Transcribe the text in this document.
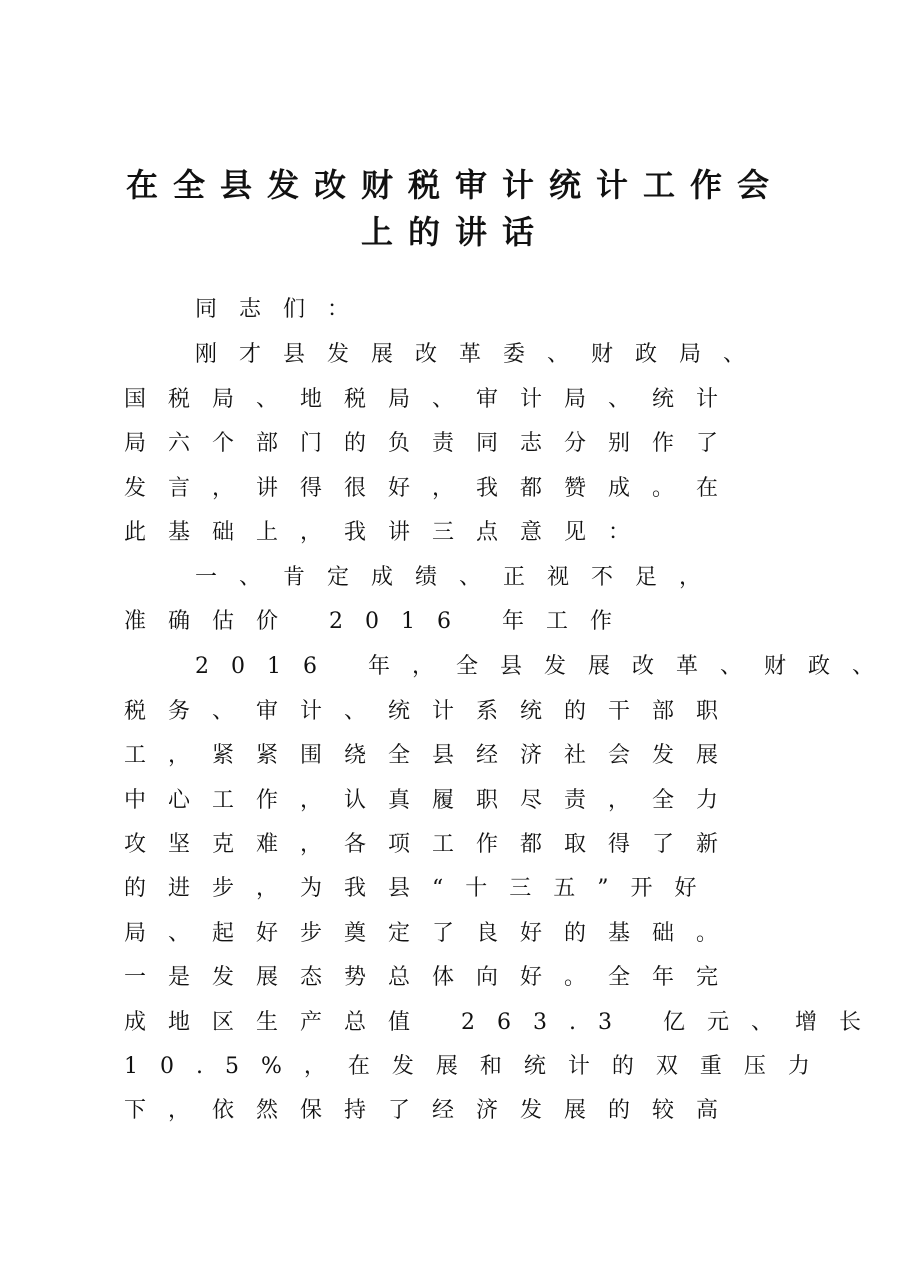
在全县发改财税审计统计工作会
上的讲话
同志们：
刚才县发展改革委、财政局、
国税局、地税局、审计局、统计
局六个部门的负责同志分别作了
发言，讲得很好，我都赞成。在
此基础上，我讲三点意见：
一、肯定成绩、正视不足，
准确估价 2016 年工作
2016 年，全县发展改革、财政、
税务、审计、统计系统的干部职
工，紧紧围绕全县经济社会发展
中心工作，认真履职尽责，全力
攻坚克难，各项工作都取得了新
的进步，为我县“十三五”开好
局、起好步奠定了良好的基础。
一是发展态势总体向好。全年完
成地区生产总值 263.3 亿元、增长
10.5%，在发展和统计的双重压力
下，依然保持了经济发展的较高
